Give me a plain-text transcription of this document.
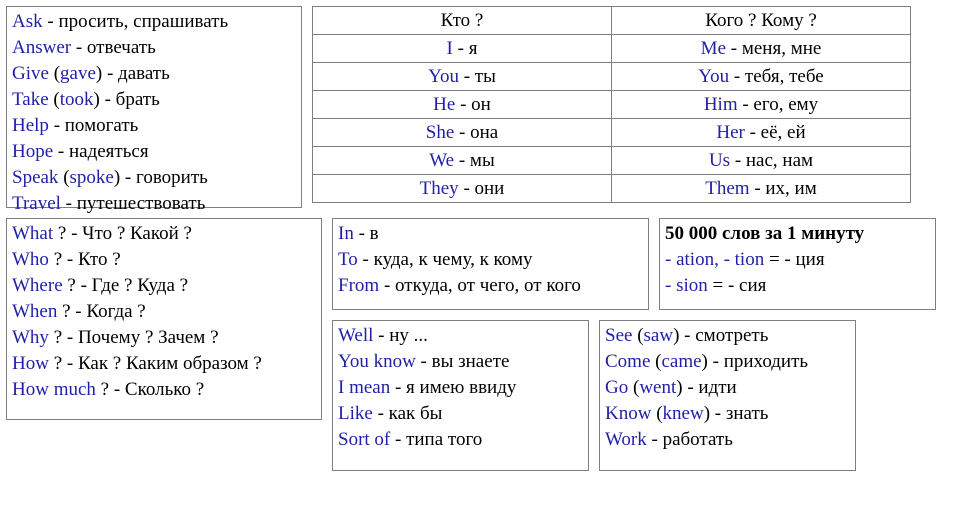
Ask - просить, спрашивать
Answer - отвечать
Give (gave) - давать
Take (took) - брать
Help - помогать
Hope - надеяться
Speak (spoke) - говорить
Travel - путешествовать
Кто ?	Кого ? Кому ?
I - я	Me - меня, мне
You - ты	You - тебя, тебе
He - он	Him - его, ему
She - она	Her - её, ей
We - мы	Us - нас, нам
They - они	Them - их, им
What ? - Что ? Какой ?
Who ? - Кто ?
Where ? - Где ? Куда ?
When ? - Когда ?
Why ? - Почему ? Зачем ?
How ? - Как ? Каким образом ?
How much ? - Сколько ?
In - в
To - куда, к чему, к кому
From - откуда, от чего, от кого
50 000 слов за 1 минуту
- ation, - tion = - ция
- sion = - сия
Well - ну ...
You know - вы знаете
I mean - я имею ввиду
Like - как бы
Sort of - типа того
See (saw) - смотреть
Come (came) - приходить
Go (went) - идти
Know (knew) - знать
Work - работать
